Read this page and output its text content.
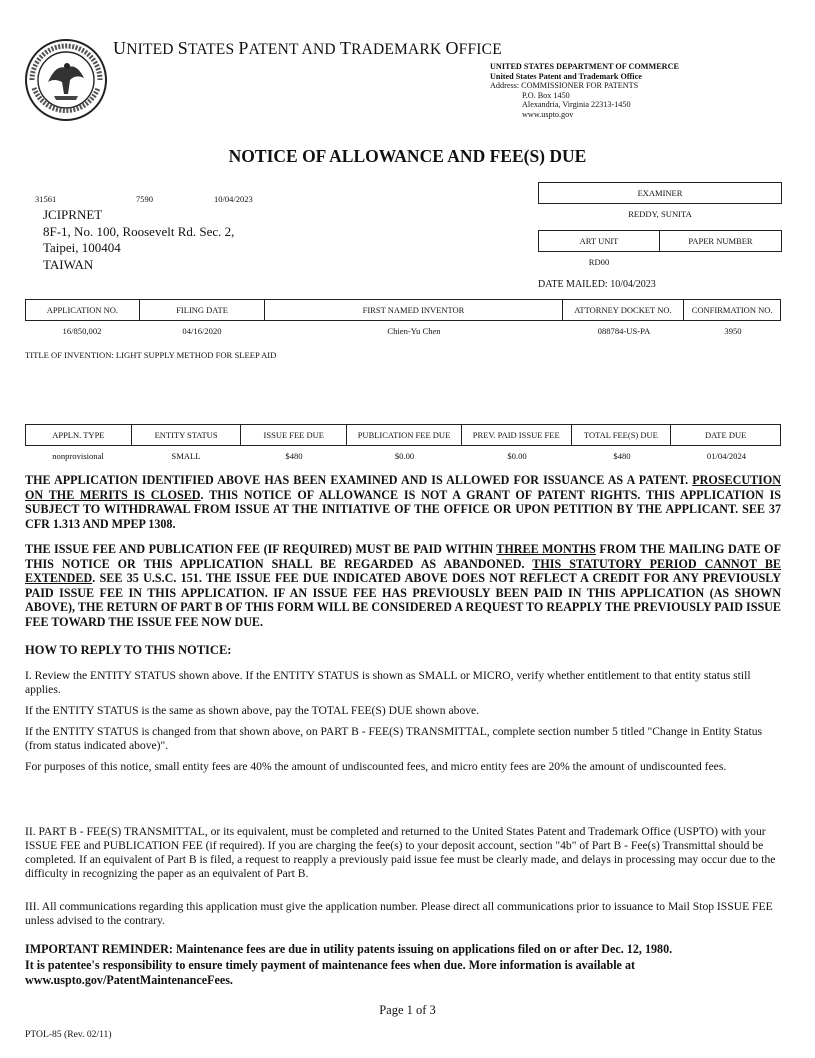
UNITED STATES PATENT AND TRADEMARK OFFICE
UNITED STATES DEPARTMENT OF COMMERCE
United States Patent and Trademark Office
Address: COMMISSIONER FOR PATENTS
P.O. Box 1450
Alexandria, Virginia 22313-1450
www.uspto.gov
NOTICE OF ALLOWANCE AND FEE(S) DUE
31561	7590	10/04/2023
JCIPRNET
8F-1, No. 100, Roosevelt Rd. Sec. 2,
Taipei, 100404
TAIWAN
EXAMINER
REDDY, SUNITA
ART UNIT	PAPER NUMBER
RD00
DATE MAILED: 10/04/2023
APPLICATION NO.	FILING DATE	FIRST NAMED INVENTOR	ATTORNEY DOCKET NO.	CONFIRMATION NO.
16/850,002	04/16/2020	Chien-Yu Chen	088784-US-PA	3950
TITLE OF INVENTION: LIGHT SUPPLY METHOD FOR SLEEP AID
APPLN. TYPE	ENTITY STATUS	ISSUE FEE DUE	PUBLICATION FEE DUE	PREV. PAID ISSUE FEE	TOTAL FEE(S) DUE	DATE DUE
nonprovisional	SMALL	$480	$0.00	$0.00	$480	01/04/2024
THE APPLICATION IDENTIFIED ABOVE HAS BEEN EXAMINED AND IS ALLOWED FOR ISSUANCE AS A PATENT. PROSECUTION ON THE MERITS IS CLOSED. THIS NOTICE OF ALLOWANCE IS NOT A GRANT OF PATENT RIGHTS. THIS APPLICATION IS SUBJECT TO WITHDRAWAL FROM ISSUE AT THE INITIATIVE OF THE OFFICE OR UPON PETITION BY THE APPLICANT. SEE 37 CFR 1.313 AND MPEP 1308.
THE ISSUE FEE AND PUBLICATION FEE (IF REQUIRED) MUST BE PAID WITHIN THREE MONTHS FROM THE MAILING DATE OF THIS NOTICE OR THIS APPLICATION SHALL BE REGARDED AS ABANDONED. THIS STATUTORY PERIOD CANNOT BE EXTENDED. SEE 35 U.S.C. 151. THE ISSUE FEE DUE INDICATED ABOVE DOES NOT REFLECT A CREDIT FOR ANY PREVIOUSLY PAID ISSUE FEE IN THIS APPLICATION. IF AN ISSUE FEE HAS PREVIOUSLY BEEN PAID IN THIS APPLICATION (AS SHOWN ABOVE), THE RETURN OF PART B OF THIS FORM WILL BE CONSIDERED A REQUEST TO REAPPLY THE PREVIOUSLY PAID ISSUE FEE TOWARD THE ISSUE FEE NOW DUE.
HOW TO REPLY TO THIS NOTICE:
I. Review the ENTITY STATUS shown above. If the ENTITY STATUS is shown as SMALL or MICRO, verify whether entitlement to that entity status still applies.
If the ENTITY STATUS is the same as shown above, pay the TOTAL FEE(S) DUE shown above.
If the ENTITY STATUS is changed from that shown above, on PART B - FEE(S) TRANSMITTAL, complete section number 5 titled "Change in Entity Status (from status indicated above)".
For purposes of this notice, small entity fees are 40% the amount of undiscounted fees, and micro entity fees are 20% the amount of undiscounted fees.
II. PART B - FEE(S) TRANSMITTAL, or its equivalent, must be completed and returned to the United States Patent and Trademark Office (USPTO) with your ISSUE FEE and PUBLICATION FEE (if required). If you are charging the fee(s) to your deposit account, section "4b" of Part B - Fee(s) Transmittal should be completed. If an equivalent of Part B is filed, a request to reapply a previously paid issue fee must be clearly made, and delays in processing may occur due to the difficulty in recognizing the paper as an equivalent of Part B.
III. All communications regarding this application must give the application number. Please direct all communications prior to issuance to Mail Stop ISSUE FEE unless advised to the contrary.
IMPORTANT REMINDER: Maintenance fees are due in utility patents issuing on applications filed on or after Dec. 12, 1980.
It is patentee's responsibility to ensure timely payment of maintenance fees when due. More information is available at
www.uspto.gov/PatentMaintenanceFees.
Page 1 of 3
PTOL-85 (Rev. 02/11)
